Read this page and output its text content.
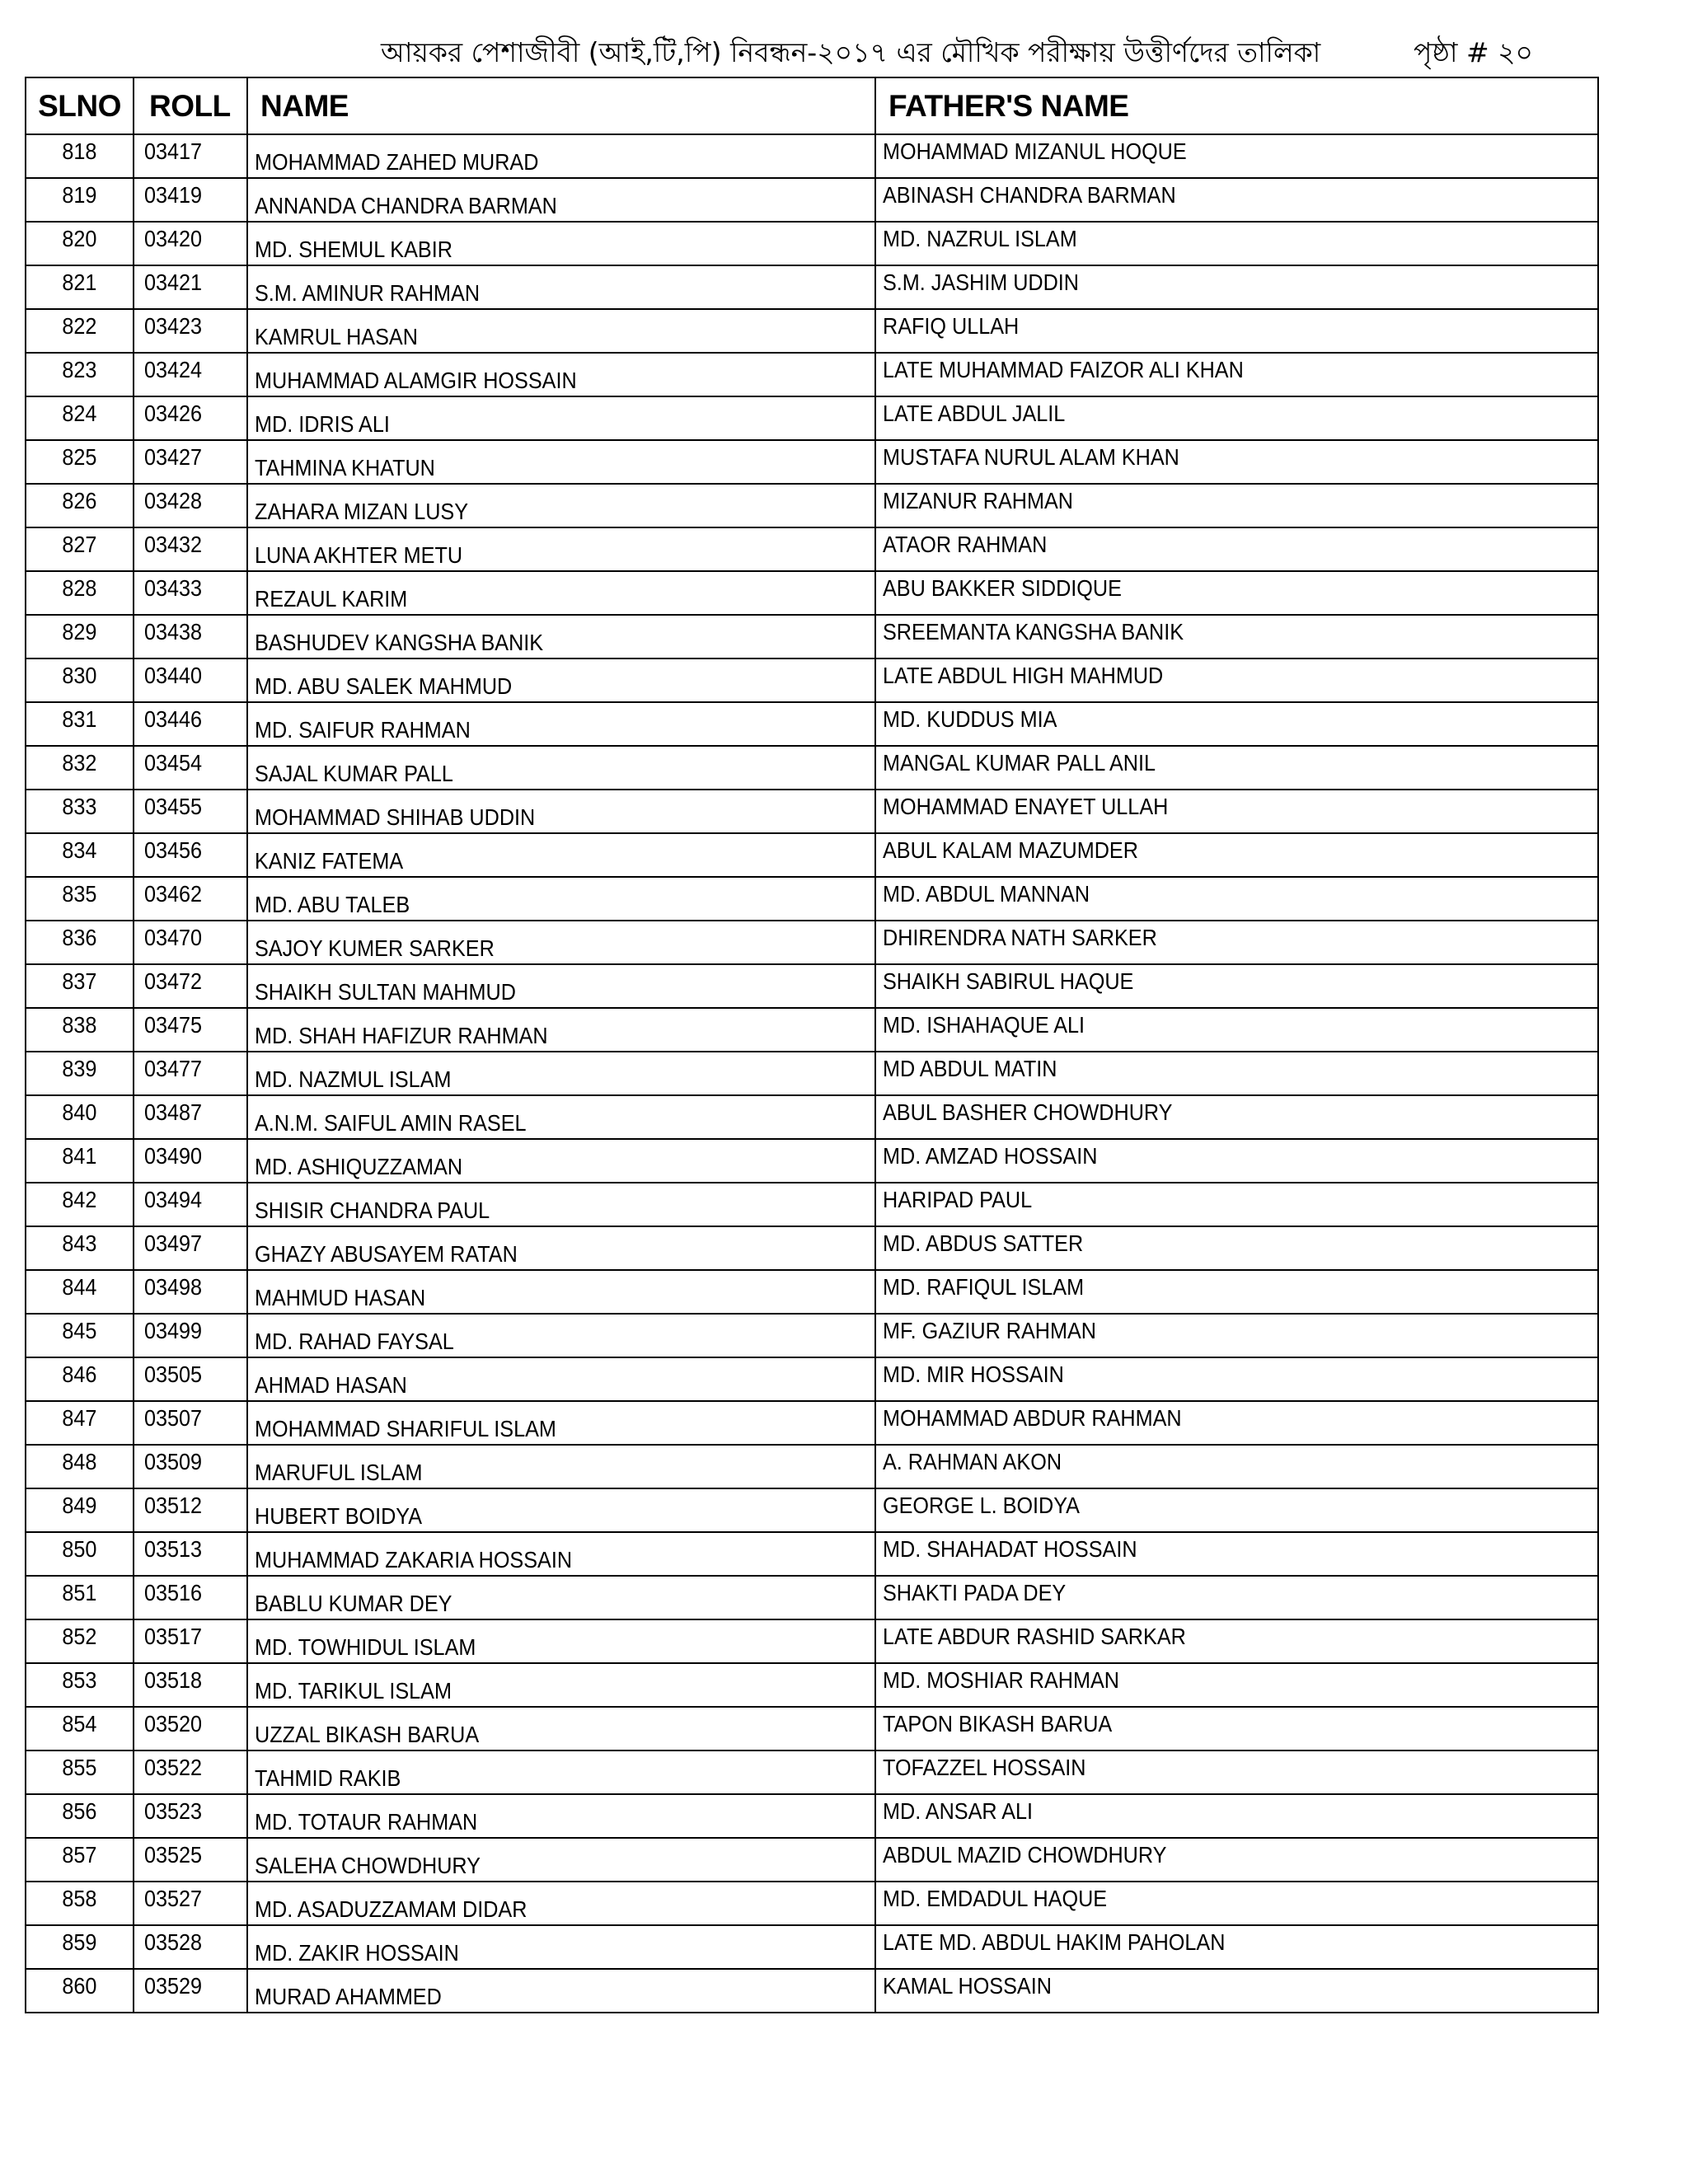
আয়কর পেশাজীবী (আই,টি,পি) নিবন্ধন-২০১৭ এর মৌখিক পরীক্ষায় উত্তীর্ণদের তালিকা	পৃষ্ঠা # ২০
SLNO	ROLL	NAME	FATHER'S NAME
818	03417	MOHAMMAD ZAHED MURAD	MOHAMMAD MIZANUL HOQUE
819	03419	ANNANDA CHANDRA BARMAN	ABINASH CHANDRA BARMAN
820	03420	MD. SHEMUL KABIR	MD. NAZRUL ISLAM
821	03421	S.M. AMINUR RAHMAN	S.M. JASHIM UDDIN
822	03423	KAMRUL HASAN	RAFIQ ULLAH
823	03424	MUHAMMAD ALAMGIR HOSSAIN	LATE MUHAMMAD FAIZOR ALI KHAN
824	03426	MD. IDRIS ALI	LATE ABDUL JALIL
825	03427	TAHMINA KHATUN	MUSTAFA NURUL ALAM KHAN
826	03428	ZAHARA MIZAN LUSY	MIZANUR RAHMAN
827	03432	LUNA AKHTER METU	ATAOR RAHMAN
828	03433	REZAUL KARIM	ABU BAKKER SIDDIQUE
829	03438	BASHUDEV KANGSHA BANIK	SREEMANTA KANGSHA BANIK
830	03440	MD. ABU SALEK MAHMUD	LATE ABDUL HIGH MAHMUD
831	03446	MD. SAIFUR RAHMAN	MD. KUDDUS MIA
832	03454	SAJAL KUMAR PALL	MANGAL KUMAR PALL ANIL
833	03455	MOHAMMAD SHIHAB UDDIN	MOHAMMAD ENAYET ULLAH
834	03456	KANIZ FATEMA	ABUL KALAM MAZUMDER
835	03462	MD. ABU TALEB	MD. ABDUL MANNAN
836	03470	SAJOY KUMER SARKER	DHIRENDRA NATH SARKER
837	03472	SHAIKH SULTAN MAHMUD	SHAIKH SABIRUL HAQUE
838	03475	MD. SHAH HAFIZUR RAHMAN	MD. ISHAHAQUE ALI
839	03477	MD. NAZMUL ISLAM	MD ABDUL MATIN
840	03487	A.N.M. SAIFUL AMIN RASEL	ABUL BASHER CHOWDHURY
841	03490	MD. ASHIQUZZAMAN	MD. AMZAD HOSSAIN
842	03494	SHISIR CHANDRA PAUL	HARIPAD PAUL
843	03497	GHAZY ABUSAYEM RATAN	MD. ABDUS SATTER
844	03498	MAHMUD HASAN	MD. RAFIQUL ISLAM
845	03499	MD. RAHAD FAYSAL	MF. GAZIUR RAHMAN
846	03505	AHMAD HASAN	MD. MIR HOSSAIN
847	03507	MOHAMMAD SHARIFUL ISLAM	MOHAMMAD ABDUR RAHMAN
848	03509	MARUFUL ISLAM	A. RAHMAN AKON
849	03512	HUBERT BOIDYA	GEORGE L. BOIDYA
850	03513	MUHAMMAD ZAKARIA HOSSAIN	MD. SHAHADAT HOSSAIN
851	03516	BABLU KUMAR DEY	SHAKTI PADA DEY
852	03517	MD. TOWHIDUL ISLAM	LATE ABDUR RASHID SARKAR
853	03518	MD. TARIKUL ISLAM	MD. MOSHIAR RAHMAN
854	03520	UZZAL BIKASH BARUA	TAPON BIKASH BARUA
855	03522	TAHMID RAKIB	TOFAZZEL HOSSAIN
856	03523	MD. TOTAUR RAHMAN	MD. ANSAR ALI
857	03525	SALEHA CHOWDHURY	ABDUL MAZID CHOWDHURY
858	03527	MD. ASADUZZAMAM DIDAR	MD. EMDADUL HAQUE
859	03528	MD. ZAKIR HOSSAIN	LATE MD. ABDUL HAKIM PAHOLAN
860	03529	MURAD AHAMMED	KAMAL HOSSAIN
